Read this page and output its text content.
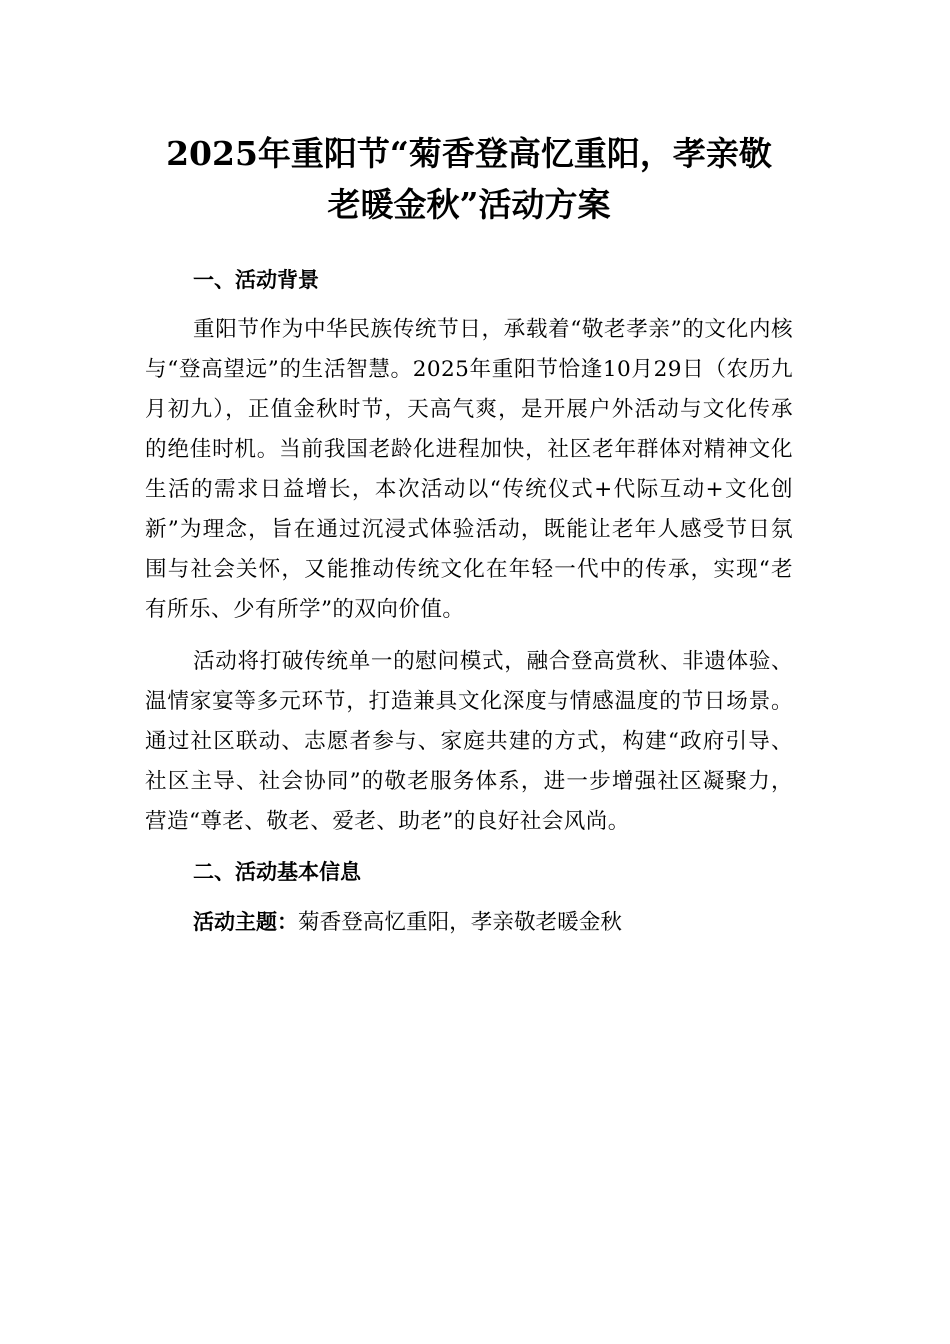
2025年重阳节“菊香登高忆重阳，孝亲敬
老暖金秋”活动方案
一、活动背景

重阳节作为中华民族传统节日，承载着“敬老孝亲”的文化内核与“登高望远”的生活智慧。2025年重阳节恰逢10月29日（农历九月初九），正值金秋时节，天高气爽，是开展户外活动与文化传承的绝佳时机。当前我国老龄化进程加快，社区老年群体对精神文化生活的需求日益增长，本次活动以“传统仪式+代际互动+文化创新”为理念，旨在通过沉浸式体验活动，既能让老年人感受节日氛围与社会关怀，又能推动传统文化在年轻一代中的传承，实现“老有所乐、少有所学”的双向价值。

活动将打破传统单一的慰问模式，融合登高赏秋、非遗体验、温情家宴等多元环节，打造兼具文化深度与情感温度的节日场景。通过社区联动、志愿者参与、家庭共建的方式，构建“政府引导、社区主导、社会协同”的敬老服务体系，进一步增强社区凝聚力，营造“尊老、敬老、爱老、助老”的良好社会风尚。

二、活动基本信息

活动主题：菊香登高忆重阳，孝亲敬老暖金秋
